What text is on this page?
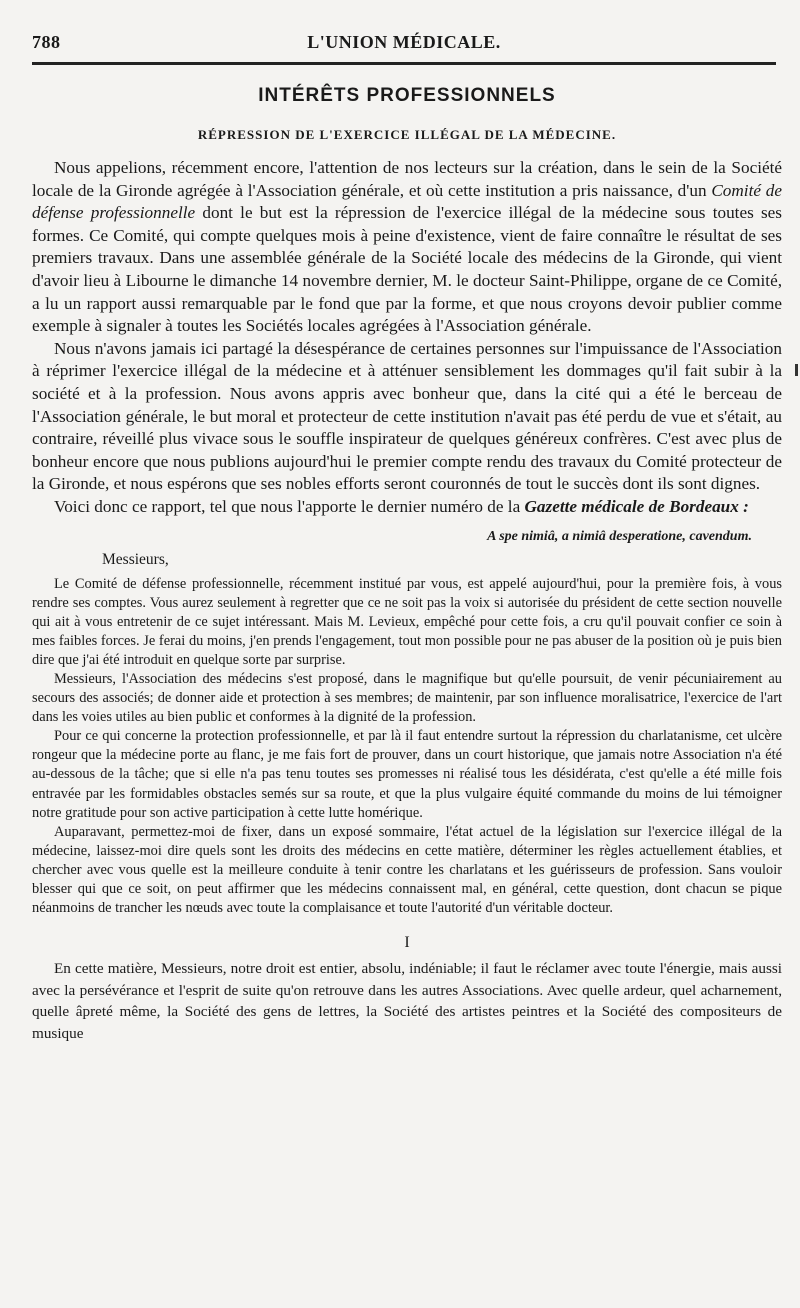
788	L'UNION MÉDICALE.
INTÉRÊTS PROFESSIONNELS
RÉPRESSION DE L'EXERCICE ILLÉGAL DE LA MÉDECINE.

Nous appelions, récemment encore, l'attention de nos lecteurs sur la création, dans le sein de la Société locale de la Gironde agrégée à l'Association générale, et où cette institution a pris naissance, d'un Comité de défense professionnelle dont le but est la répression de l'exercice illégal de la médecine sous toutes ses formes. Ce Comité, qui compte quelques mois à peine d'existence, vient de faire connaître le résultat de ses premiers travaux. Dans une assemblée générale de la Société locale des médecins de la Gironde, qui vient d'avoir lieu à Libourne le dimanche 14 novembre dernier, M. le docteur Saint-Philippe, organe de ce Comité, a lu un rapport aussi remarquable par le fond que par la forme, et que nous croyons devoir publier comme exemple à signaler à toutes les Sociétés locales agrégées à l'Association générale.

Nous n'avons jamais ici partagé la désespérance de certaines personnes sur l'impuissance de l'Association à réprimer l'exercice illégal de la médecine et à atténuer sensiblement les dommages qu'il fait subir à la société et à la profession. Nous avons appris avec bonheur que, dans la cité qui a été le berceau de l'Association générale, le but moral et protecteur de cette institution n'avait pas été perdu de vue et s'était, au contraire, réveillé plus vivace sous le souffle inspirateur de quelques généreux confrères. C'est avec plus de bonheur encore que nous publions aujourd'hui le premier compte rendu des travaux du Comité protecteur de la Gironde, et nous espérons que ses nobles efforts seront couronnés de tout le succès dont ils sont dignes.

Voici donc ce rapport, tel que nous l'apporte le dernier numéro de la Gazette médicale de Bordeaux :

A spe nimiâ, a nimiâ desperatione, cavendum.
Messieurs,

Le Comité de défense professionnelle, récemment institué par vous, est appelé aujourd'hui, pour la première fois, à vous rendre ses comptes. Vous aurez seulement à regretter que ce ne soit pas la voix si autorisée du président de cette section nouvelle qui ait à vous entretenir de ce sujet intéressant. Mais M. Levieux, empêché pour cette fois, a cru qu'il pouvait confier ce soin à mes faibles forces. Je ferai du moins, j'en prends l'engagement, tout mon possible pour ne pas abuser de la position où je puis bien dire que j'ai été introduit en quelque sorte par surprise.

Messieurs, l'Association des médecins s'est proposé, dans le magnifique but qu'elle poursuit, de venir pécuniairement au secours des associés; de donner aide et protection à ses membres; de maintenir, par son influence moralisatrice, l'exercice de l'art dans les voies utiles au bien public et conformes à la dignité de la profession.

Pour ce qui concerne la protection professionnelle, et par là il faut entendre surtout la répression du charlatanisme, cet ulcère rongeur que la médecine porte au flanc, je me fais fort de prouver, dans un court historique, que jamais notre Association n'a été au-dessous de la tâche; que si elle n'a pas tenu toutes ses promesses ni réalisé tous les désidérata, c'est qu'elle a été mille fois entravée par les formidables obstacles semés sur sa route, et que la plus vulgaire équité commande du moins de lui témoigner notre gratitude pour son active participation à cette lutte homérique.

Auparavant, permettez-moi de fixer, dans un exposé sommaire, l'état actuel de la législation sur l'exercice illégal de la médecine, laissez-moi dire quels sont les droits des médecins en cette matière, déterminer les règles actuellement établies, et chercher avec vous quelle est la meilleure conduite à tenir contre les charlatans et les guérisseurs de profession. Sans vouloir blesser qui que ce soit, on peut affirmer que les médecins connaissent mal, en général, cette question, dont chacun se pique néanmoins de trancher les nœuds avec toute la complaisance et toute l'autorité d'un véritable docteur.

I

En cette matière, Messieurs, notre droit est entier, absolu, indéniable; il faut le réclamer avec toute l'énergie, mais aussi avec la persévérance et l'esprit de suite qu'on retrouve dans les autres Associations. Avec quelle ardeur, quel acharnement, quelle âpreté même, la Société des gens de lettres, la Société des artistes peintres et la Société des compositeurs de musique
